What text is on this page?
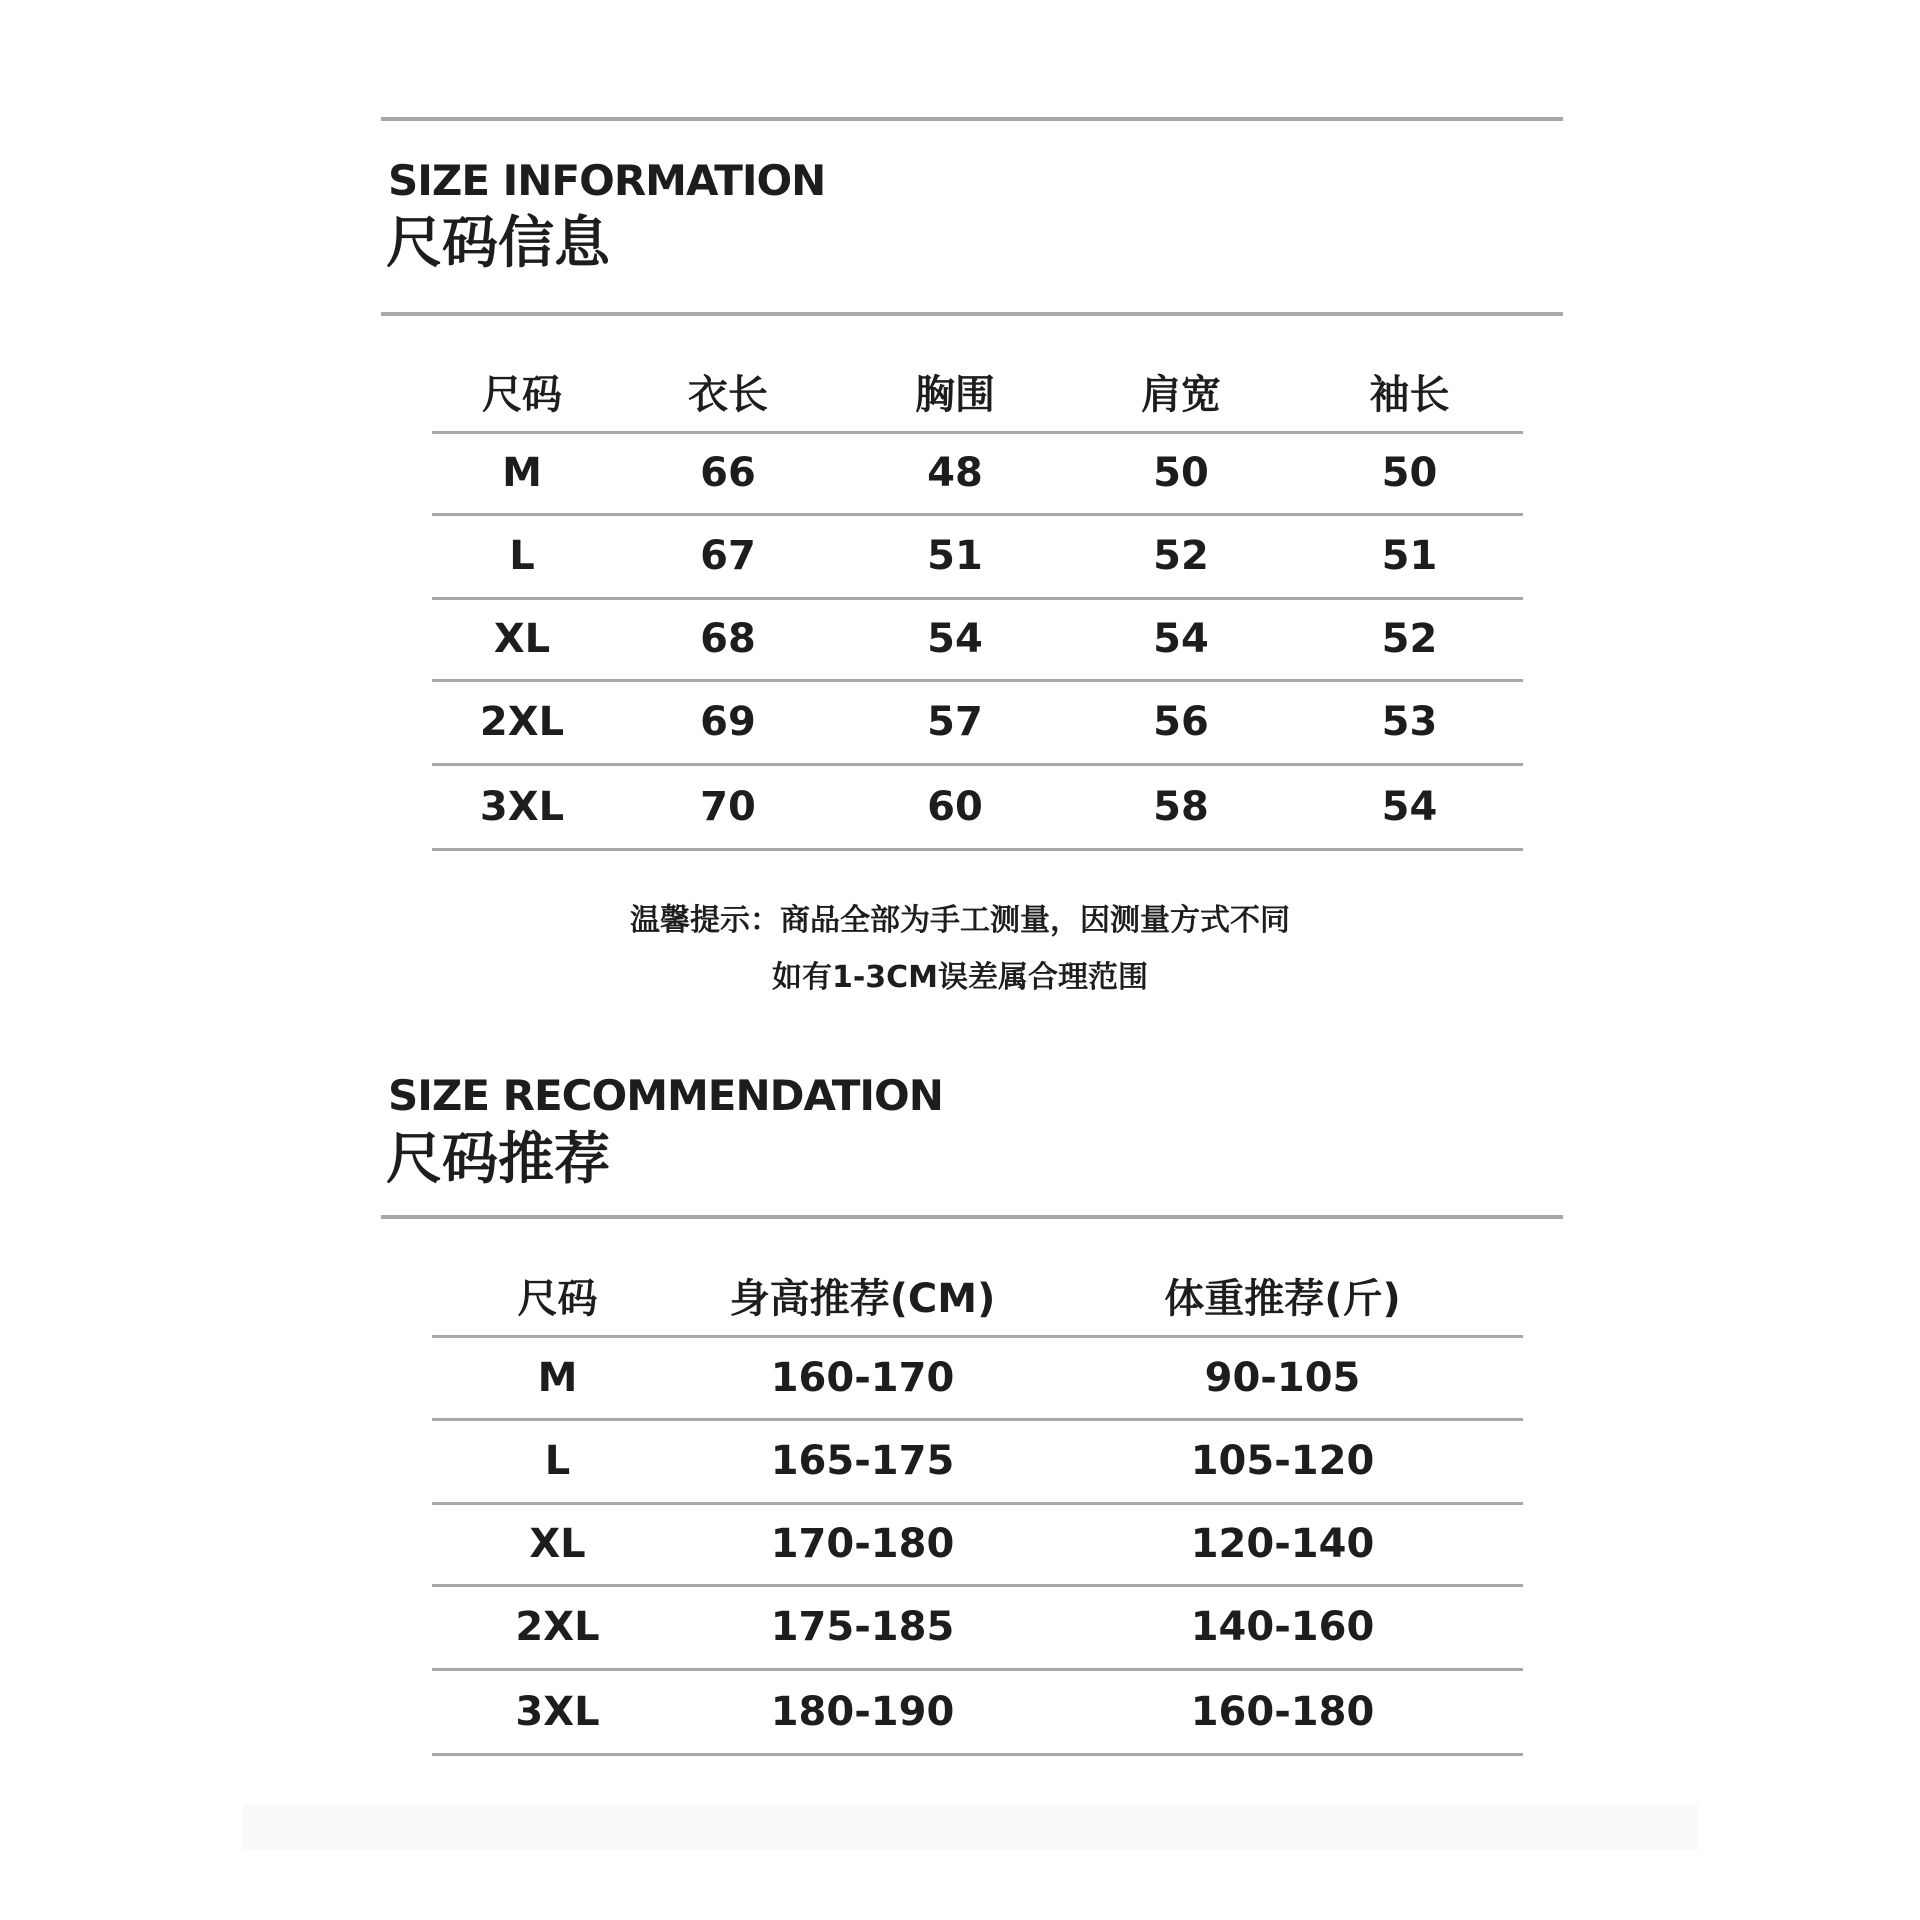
SIZE INFORMATION
尺码信息
尺码	衣长	胸围	肩宽	袖长
M	66	48	50	50
L	67	51	52	51
XL	68	54	54	52
2XL	69	57	56	53
3XL	70	60	58	54
温馨提示：商品全部为手工测量，因测量方式不同
如有1-3CM误差属合理范围
SIZE RECOMMENDATION
尺码推荐
尺码	身高推荐(CM)	体重推荐(斤)
M	160-170	90-105
L	165-175	105-120
XL	170-180	120-140
2XL	175-185	140-160
3XL	180-190	160-180
